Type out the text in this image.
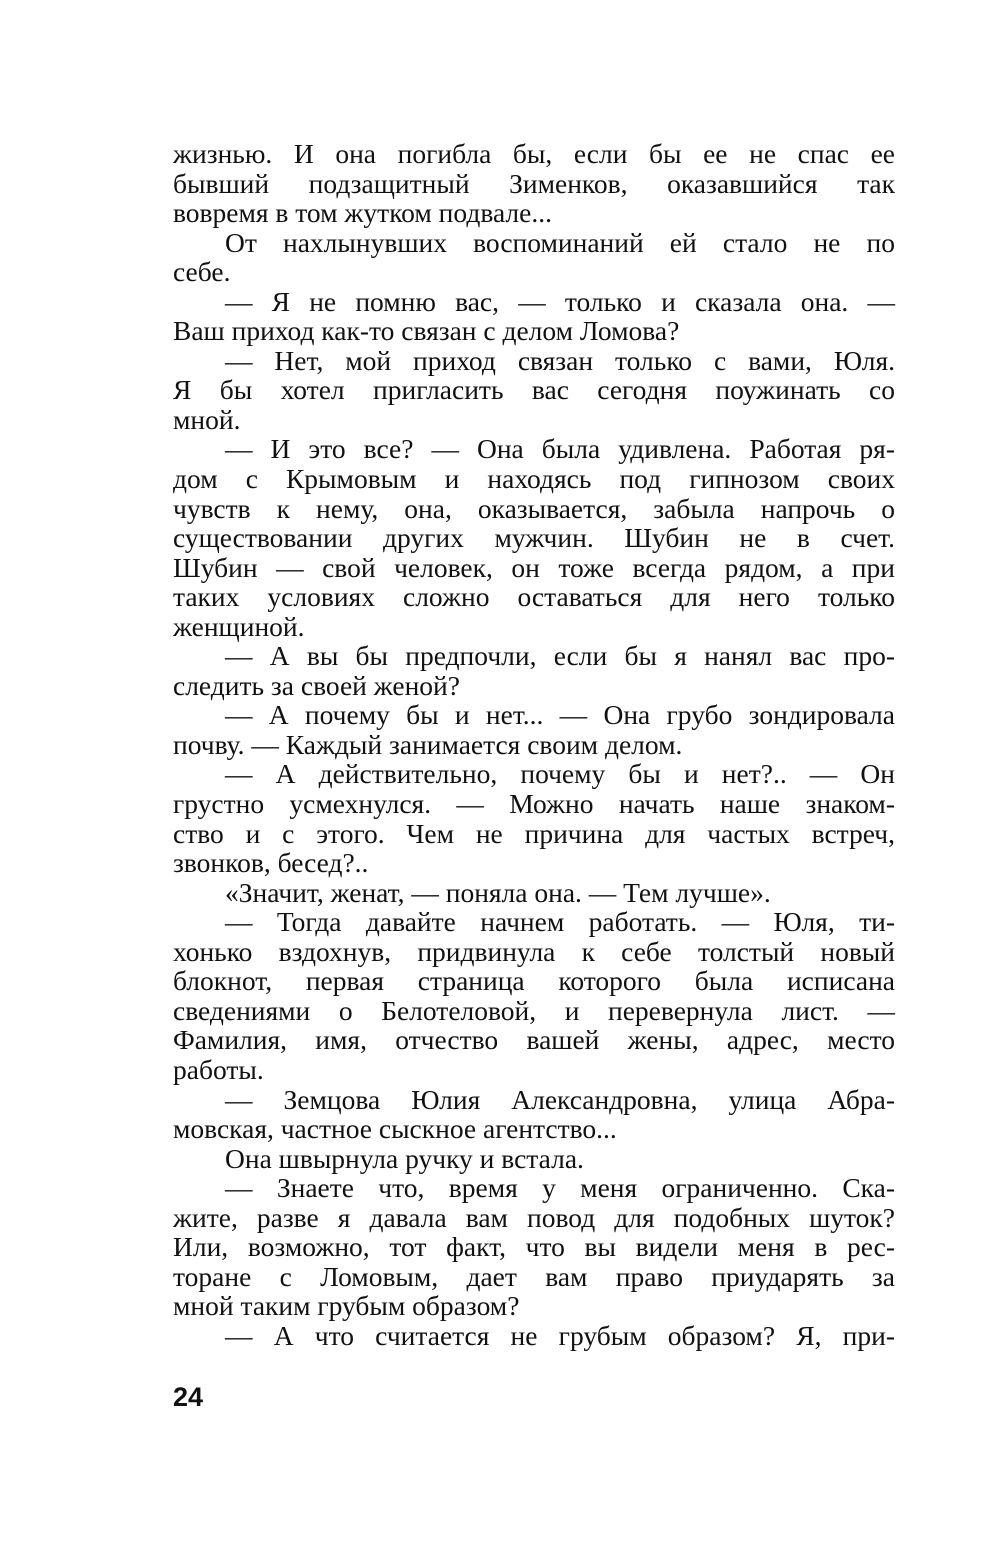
жизнью. И она погибла бы, если бы ее не спас ее
бывший подзащитный Зименков, оказавшийся так
вовремя в том жутком подвале...
От нахлынувших воспоминаний ей стало не по
себе.
— Я не помню вас, — только и сказала она. —
Ваш приход как-то связан с делом Ломова?
— Нет, мой приход связан только с вами, Юля.
Я бы хотел пригласить вас сегодня поужинать со
мной.
— И это все? — Она была удивлена. Работая ря-
дом с Крымовым и находясь под гипнозом своих
чувств к нему, она, оказывается, забыла напрочь о
существовании других мужчин. Шубин не в счет.
Шубин — свой человек, он тоже всегда рядом, а при
таких условиях сложно оставаться для него только
женщиной.
— А вы бы предпочли, если бы я нанял вас про-
следить за своей женой?
— А почему бы и нет... — Она грубо зондировала
почву. — Каждый занимается своим делом.
— А действительно, почему бы и нет?.. — Он
грустно усмехнулся. — Можно начать наше знаком-
ство и с этого. Чем не причина для частых встреч,
звонков, бесед?..
«Значит, женат, — поняла она. — Тем лучше».
— Тогда давайте начнем работать. — Юля, ти-
хонько вздохнув, придвинула к себе толстый новый
блокнот, первая страница которого была исписана
сведениями о Белотеловой, и перевернула лист. —
Фамилия, имя, отчество вашей жены, адрес, место
работы.
— Земцова Юлия Александровна, улица Абра-
мовская, частное сыскное агентство...
Она швырнула ручку и встала.
— Знаете что, время у меня ограниченно. Ска-
жите, разве я давала вам повод для подобных шуток?
Или, возможно, тот факт, что вы видели меня в рес-
торане с Ломовым, дает вам право приударять за
мной таким грубым образом?
— А что считается не грубым образом? Я, при-
24
